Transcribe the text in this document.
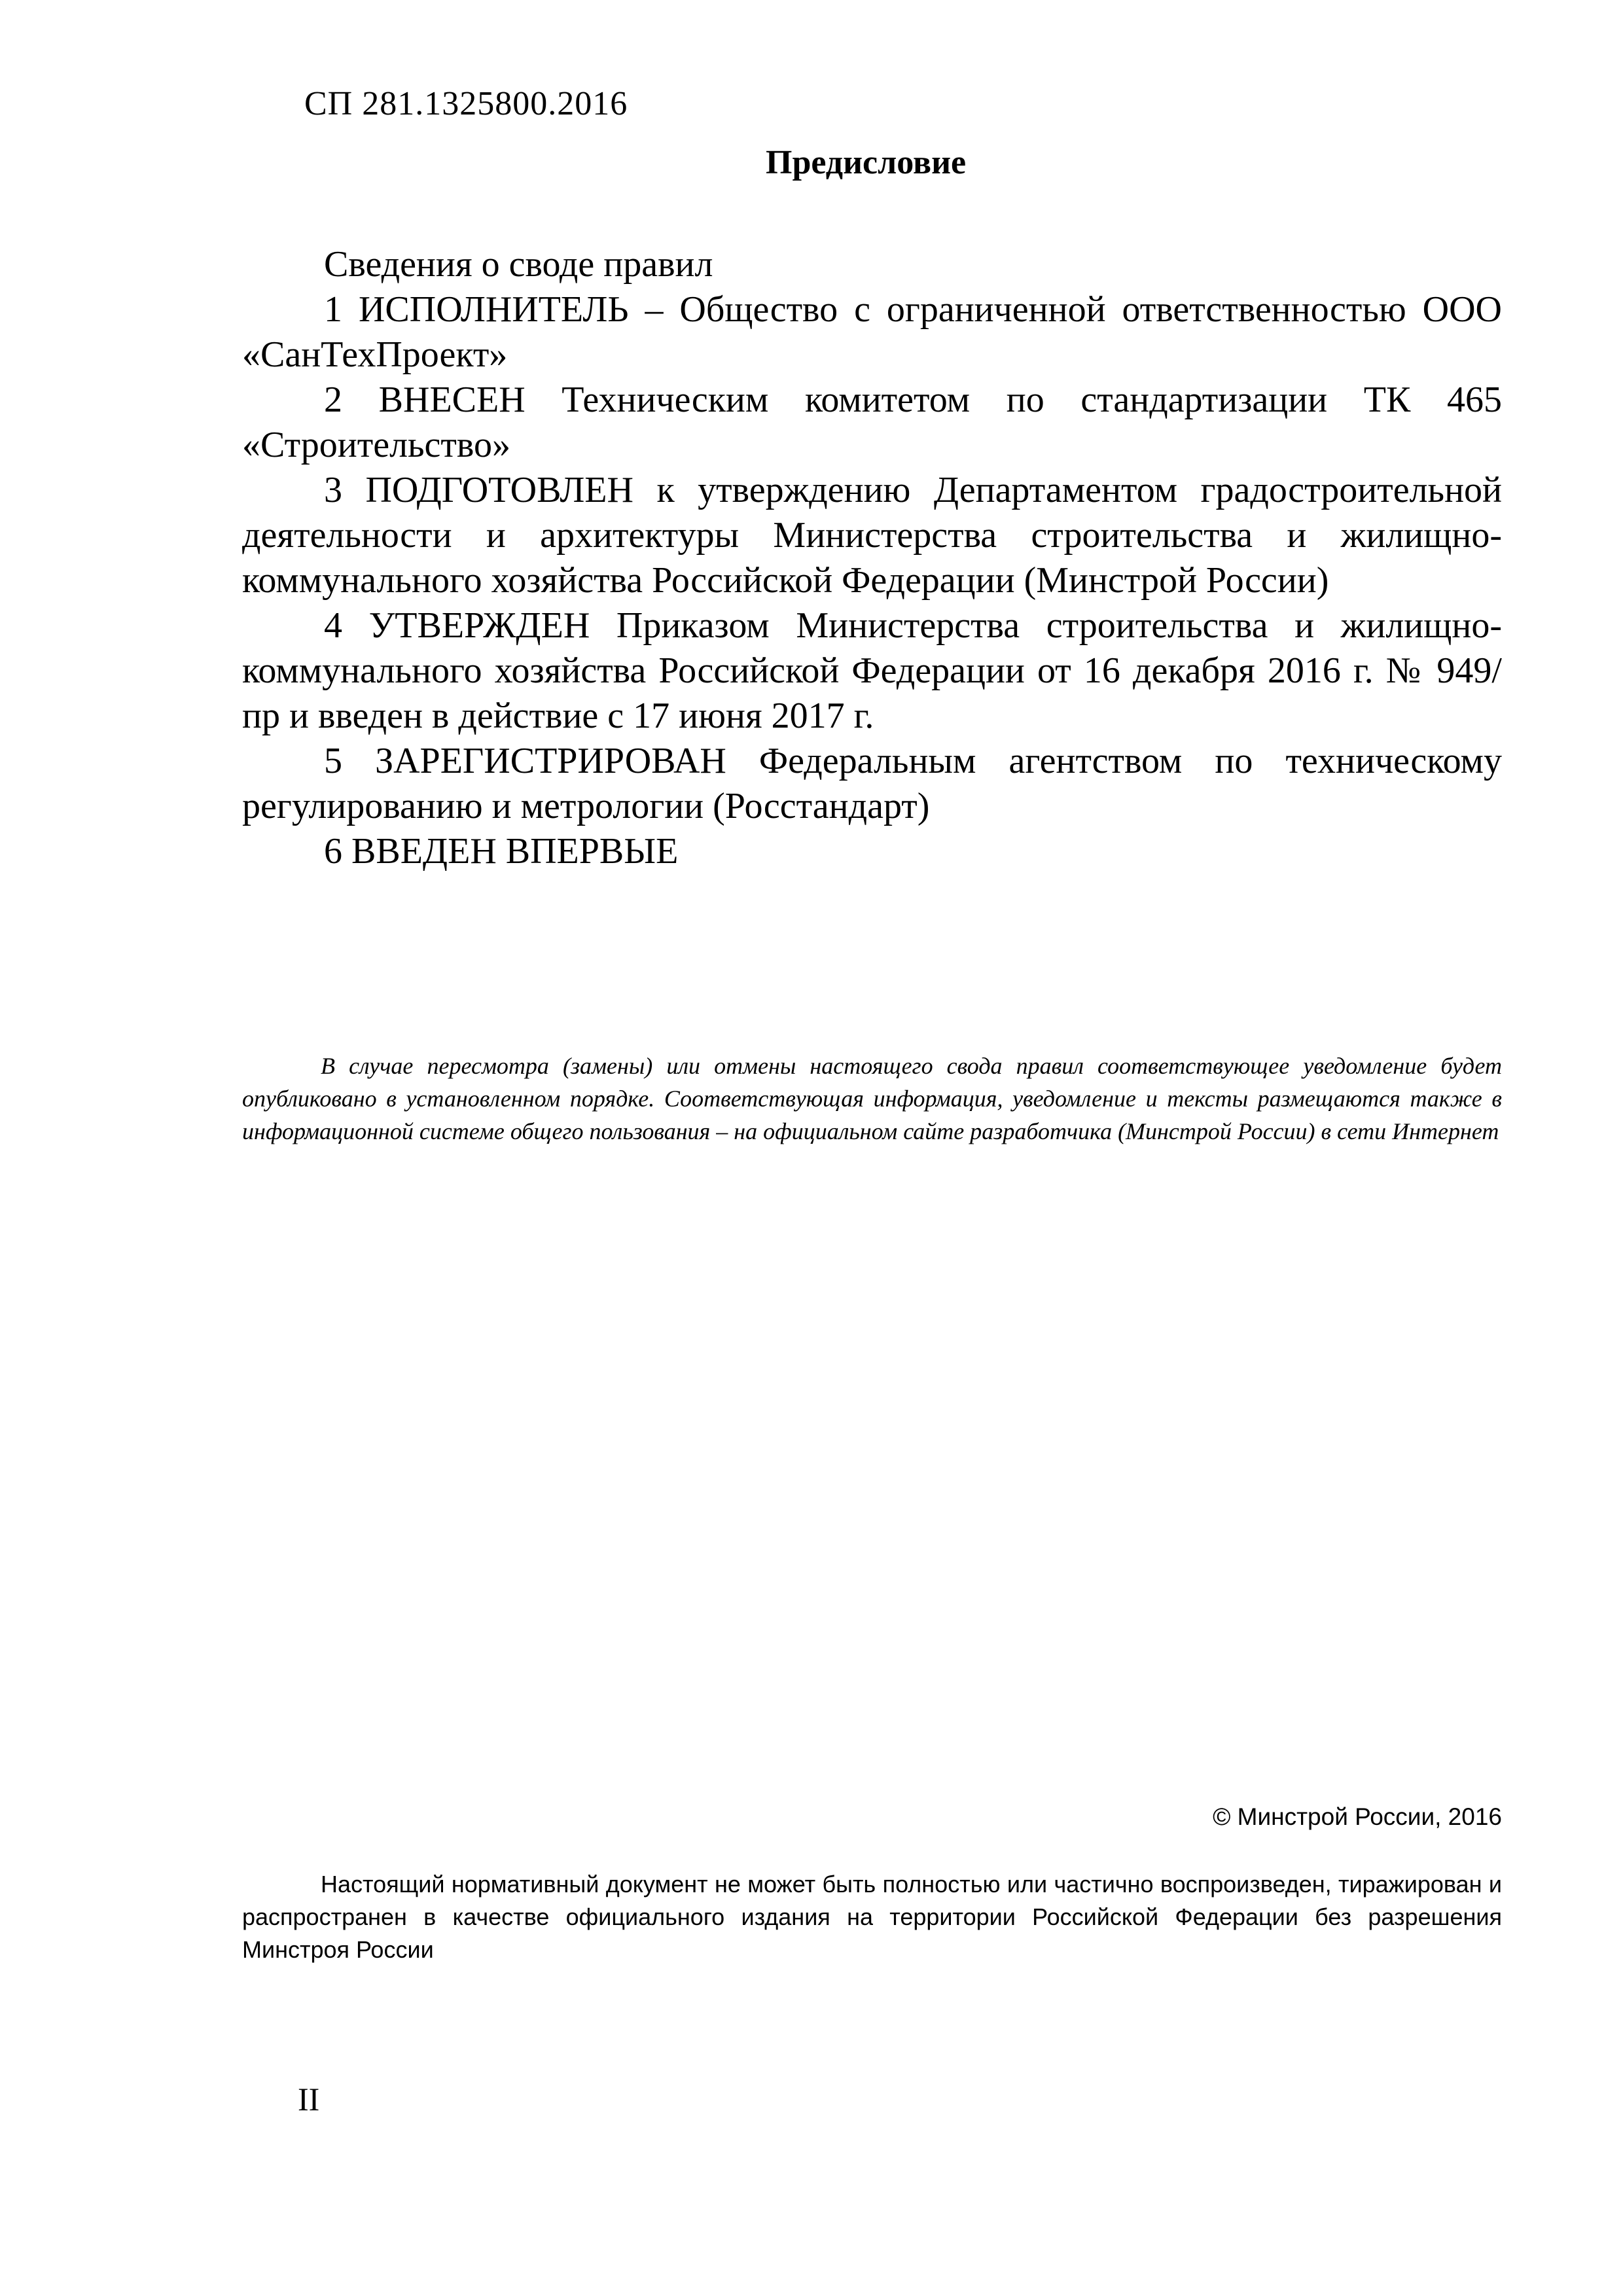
СП 281.1325800.2016
Предисловие

Сведения о своде правил

1 ИСПОЛНИТЕЛЬ – Общество с ограниченной ответственностью ООО «СанТехПроект»

2 ВНЕСЕН Техническим комитетом по стандартизации ТК 465 «Строительство»

3 ПОДГОТОВЛЕН к утверждению Департаментом градостроительной деятельности и архитектуры Министерства строительства и жилищно-коммунального хозяйства Российской Федерации (Минстрой России)

4 УТВЕРЖДЕН Приказом Министерства строительства и жилищно-коммунального хозяйства Российской Федерации от 16 декабря 2016 г. № 949/пр и введен в действие с 17 июня 2017 г.

5 ЗАРЕГИСТРИРОВАН Федеральным агентством по техническому регулированию и метрологии (Росстандарт)

6 ВВЕДЕН ВПЕРВЫЕ

В случае пересмотра (замены) или отмены настоящего свода правил соответствующее уведомление будет опубликовано в установленном порядке. Соответствующая информация, уведомление и тексты размещаются также в информационной системе общего пользования – на официальном сайте разработчика (Минстрой России) в сети Интернет
© Минстрой России, 2016
Настоящий нормативный документ не может быть полностью или частично воспроизведен, тиражирован и распространен в качестве официального издания на территории Российской Федерации без разрешения Минстроя России
II
